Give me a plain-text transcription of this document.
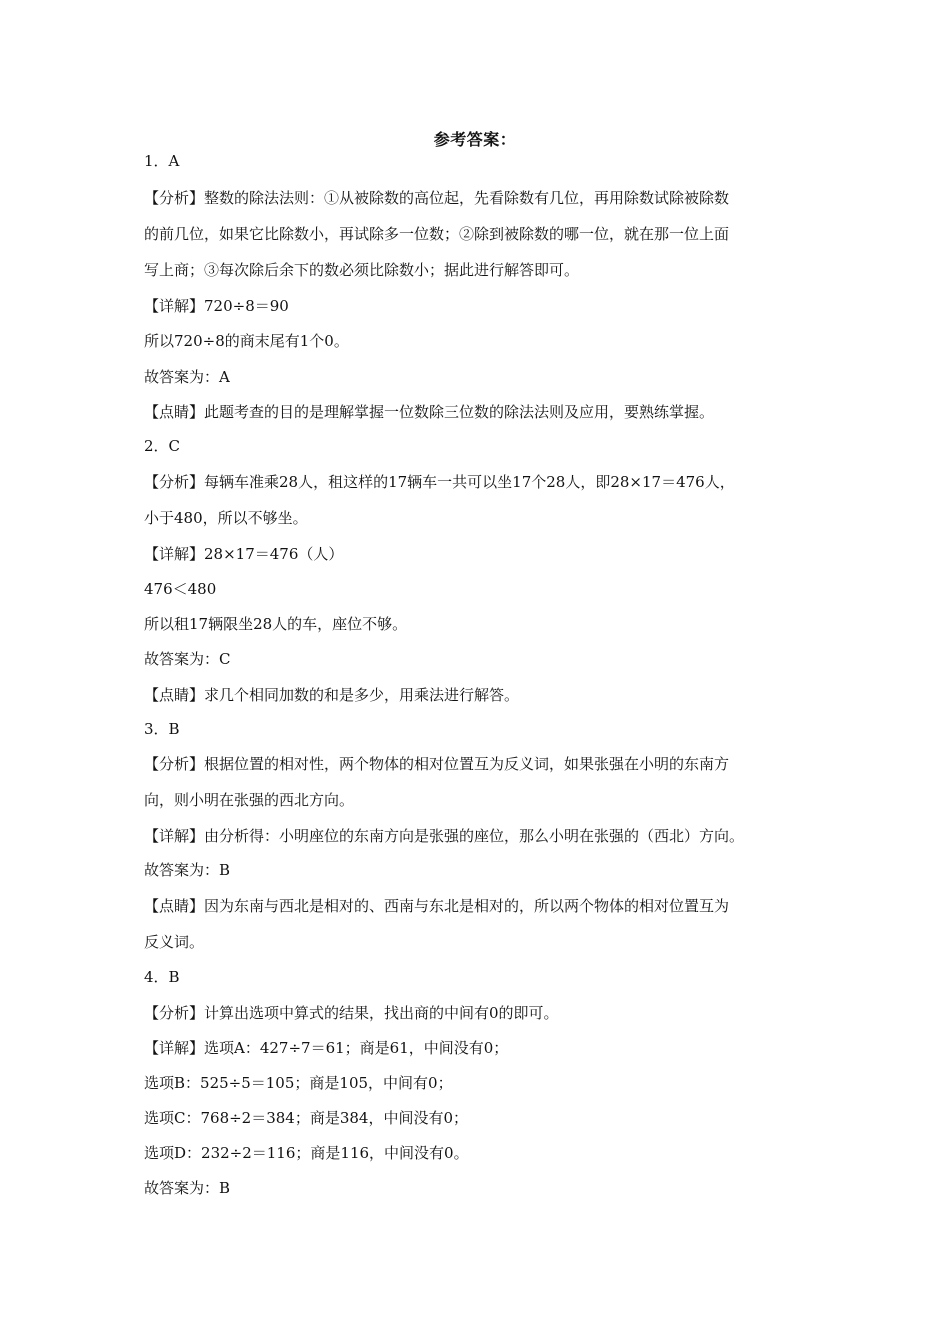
参考答案：
1．A
【分析】整数的除法法则：①从被除数的高位起，先看除数有几位，再用除数试除被除数
的前几位，如果它比除数小，再试除多一位数；②除到被除数的哪一位，就在那一位上面
写上商；③每次除后余下的数必须比除数小；据此进行解答即可。
【详解】720÷8＝90
所以720÷8的商末尾有1个0。
故答案为：A
【点睛】此题考查的目的是理解掌握一位数除三位数的除法法则及应用，要熟练掌握。
2．C
【分析】每辆车准乘28人，租这样的17辆车一共可以坐17个28人，即28×17＝476人，
小于480，所以不够坐。
【详解】28×17＝476（人）
476＜480
所以租17辆限坐28人的车，座位不够。
故答案为：C
【点睛】求几个相同加数的和是多少，用乘法进行解答。
3．B
【分析】根据位置的相对性，两个物体的相对位置互为反义词，如果张强在小明的东南方
向，则小明在张强的西北方向。
【详解】由分析得：小明座位的东南方向是张强的座位，那么小明在张强的（西北）方向。
故答案为：B
【点睛】因为东南与西北是相对的、西南与东北是相对的，所以两个物体的相对位置互为
反义词。
4．B
【分析】计算出选项中算式的结果，找出商的中间有0的即可。
【详解】选项A：427÷7＝61；商是61，中间没有0；
选项B：525÷5＝105；商是105，中间有0；
选项C：768÷2＝384；商是384，中间没有0；
选项D：232÷2＝116；商是116，中间没有0。
故答案为：B
